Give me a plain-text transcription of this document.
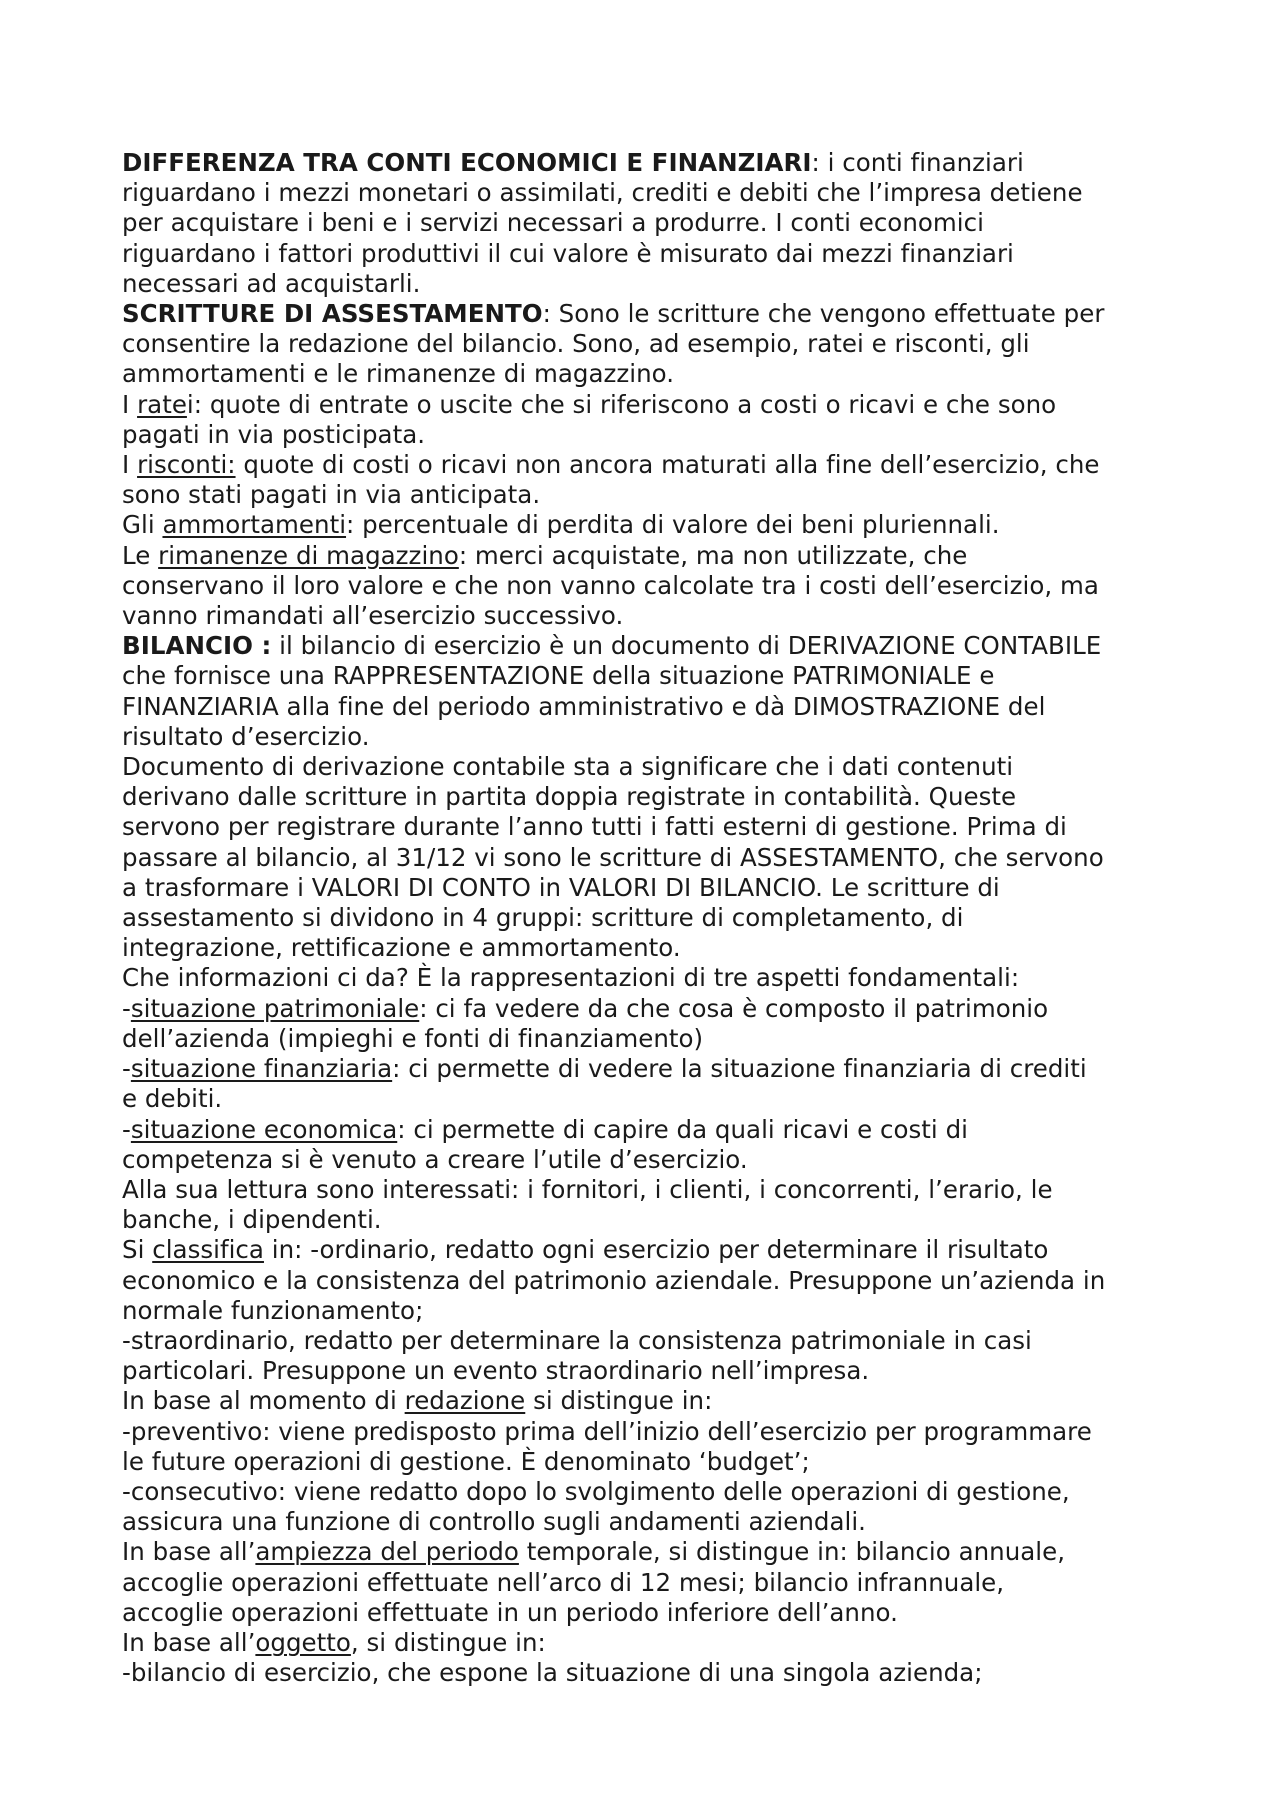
DIFFERENZA TRA CONTI ECONOMICI E FINANZIARI: i conti finanziari
riguardano i mezzi monetari o assimilati, crediti e debiti che l’impresa detiene
per acquistare i beni e i servizi necessari a produrre. I conti economici
riguardano i fattori produttivi il cui valore è misurato dai mezzi finanziari
necessari ad acquistarli.
SCRITTURE DI ASSESTAMENTO: Sono le scritture che vengono effettuate per
consentire la redazione del bilancio. Sono, ad esempio, ratei e risconti, gli
ammortamenti e le rimanenze di magazzino.
I ratei: quote di entrate o uscite che si riferiscono a costi o ricavi e che sono
pagati in via posticipata.
I risconti: quote di costi o ricavi non ancora maturati alla fine dell’esercizio, che
sono stati pagati in via anticipata.
Gli ammortamenti: percentuale di perdita di valore dei beni pluriennali.
Le rimanenze di magazzino: merci acquistate, ma non utilizzate, che
conservano il loro valore e che non vanno calcolate tra i costi dell’esercizio, ma
vanno rimandati all’esercizio successivo.
BILANCIO : il bilancio di esercizio è un documento di DERIVAZIONE CONTABILE
che fornisce una RAPPRESENTAZIONE della situazione PATRIMONIALE e
FINANZIARIA alla fine del periodo amministrativo e dà DIMOSTRAZIONE del
risultato d’esercizio.
Documento di derivazione contabile sta a significare che i dati contenuti
derivano dalle scritture in partita doppia registrate in contabilità. Queste
servono per registrare durante l’anno tutti i fatti esterni di gestione. Prima di
passare al bilancio, al 31/12 vi sono le scritture di ASSESTAMENTO, che servono
a trasformare i VALORI DI CONTO in VALORI DI BILANCIO. Le scritture di
assestamento si dividono in 4 gruppi: scritture di completamento, di
integrazione, rettificazione e ammortamento.
Che informazioni ci da? È la rappresentazioni di tre aspetti fondamentali:
-situazione patrimoniale: ci fa vedere da che cosa è composto il patrimonio
dell’azienda (impieghi e fonti di finanziamento)
-situazione finanziaria: ci permette di vedere la situazione finanziaria di crediti
e debiti.
-situazione economica: ci permette di capire da quali ricavi e costi di
competenza si è venuto a creare l’utile d’esercizio.
Alla sua lettura sono interessati: i fornitori, i clienti, i concorrenti, l’erario, le
banche, i dipendenti.
Si classifica in: -ordinario, redatto ogni esercizio per determinare il risultato
economico e la consistenza del patrimonio aziendale. Presuppone un’azienda in
normale funzionamento;
-straordinario, redatto per determinare la consistenza patrimoniale in casi
particolari. Presuppone un evento straordinario nell’impresa.
In base al momento di redazione si distingue in:
-preventivo: viene predisposto prima dell’inizio dell’esercizio per programmare
le future operazioni di gestione. È denominato ‘budget’;
-consecutivo: viene redatto dopo lo svolgimento delle operazioni di gestione,
assicura una funzione di controllo sugli andamenti aziendali.
In base all’ampiezza del periodo temporale, si distingue in: bilancio annuale,
accoglie operazioni effettuate nell’arco di 12 mesi; bilancio infrannuale,
accoglie operazioni effettuate in un periodo inferiore dell’anno.
In base all’oggetto, si distingue in:
-bilancio di esercizio, che espone la situazione di una singola azienda;
